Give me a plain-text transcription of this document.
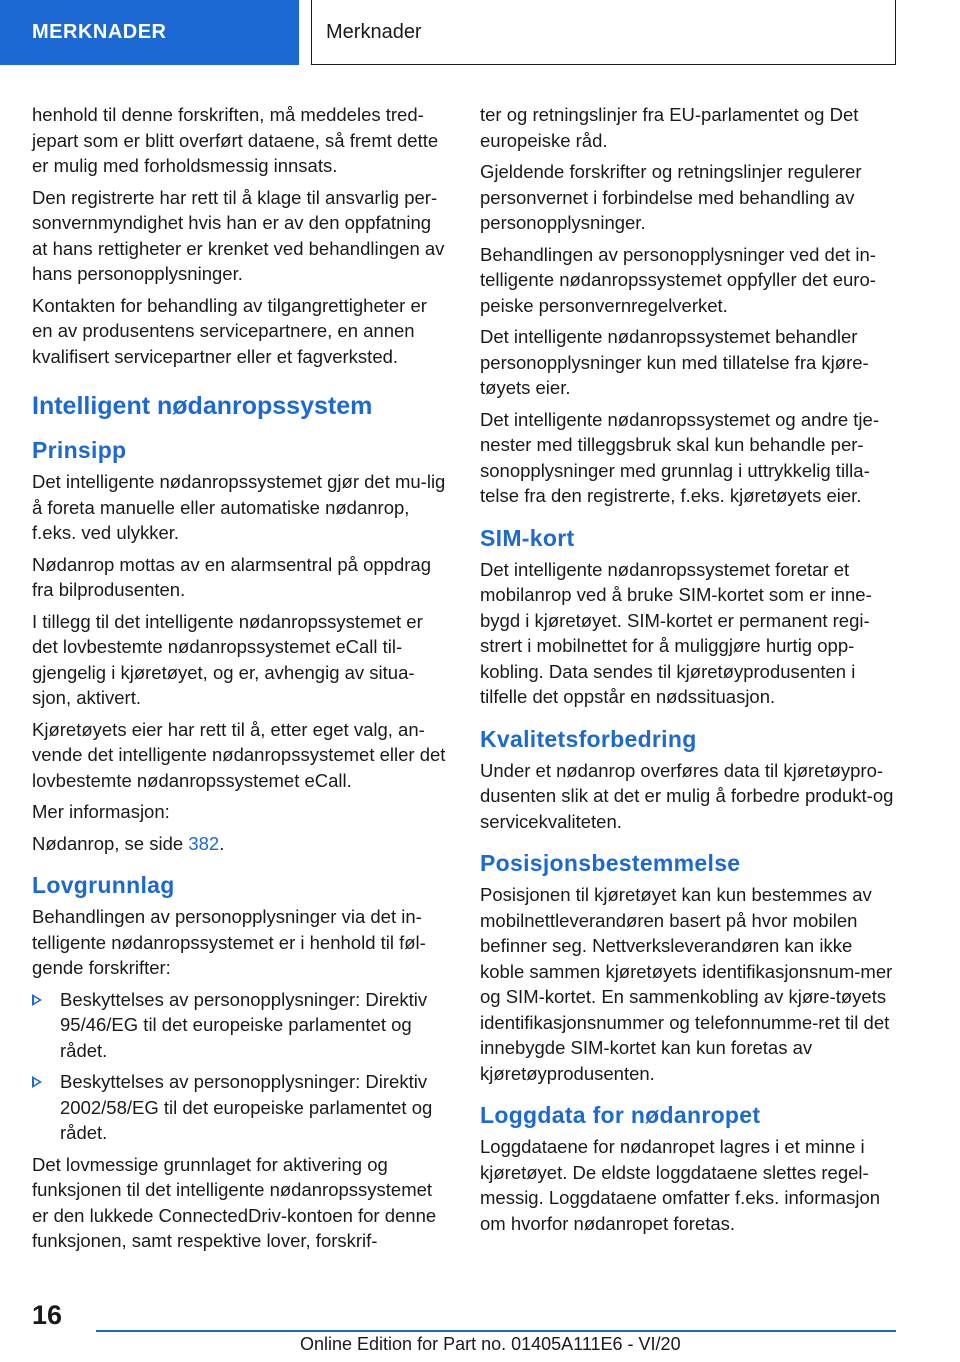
MERKNADER	Merknader

henhold til denne forskriften, må meddeles tred-jepart som er blitt overført dataene, så fremt dette er mulig med forholdsmessig innsats.

Den registrerte har rett til å klage til ansvarlig per-sonvernmyndighet hvis han er av den oppfatning at hans rettigheter er krenket ved behandlingen av hans personopplysninger.

Kontakten for behandling av tilgangrettigheter er en av produsentens servicepartnere, en annen kvalifisert servicepartner eller et fagverksted.

Intelligent nødanropssystem
Prinsipp

Det intelligente nødanropssystemet gjør det mu-lig å foreta manuelle eller automatiske nødanrop, f.eks. ved ulykker.

Nødanrop mottas av en alarmsentral på oppdrag fra bilprodusenten.

I tillegg til det intelligente nødanropssystemet er det lovbestemte nødanropssystemet eCall til-gjengelig i kjøretøyet, og er, avhengig av situa-sjon, aktivert.

Kjøretøyets eier har rett til å, etter eget valg, an-vende det intelligente nødanropssystemet eller det lovbestemte nødanropssystemet eCall.

Mer informasjon:

Nødanrop, se side 382.

Lovgrunnlag

Behandlingen av personopplysninger via det in-telligente nødanropssystemet er i henhold til føl-gende forskrifter:

Beskyttelses av personopplysninger: Direktiv 95/46/EG til det europeiske parlamentet og rådet.
Beskyttelses av personopplysninger: Direktiv 2002/58/EG til det europeiske parlamentet og rådet.

Det lovmessige grunnlaget for aktivering og funksjonen til det intelligente nødanropssystemet er den lukkede ConnectedDriv-kontoen for denne funksjonen, samt respektive lover, forskrif-

ter og retningslinjer fra EU-parlamentet og Det europeiske råd.

Gjeldende forskrifter og retningslinjer regulerer personvernet i forbindelse med behandling av personopplysninger.

Behandlingen av personopplysninger ved det in-telligente nødanropssystemet oppfyller det euro-peiske personvernregelverket.

Det intelligente nødanropssystemet behandler personopplysninger kun med tillatelse fra kjøre-tøyets eier.

Det intelligente nødanropssystemet og andre tje-nester med tilleggsbruk skal kun behandle per-sonopplysninger med grunnlag i uttrykkelig tilla-telse fra den registrerte, f.eks. kjøretøyets eier.

SIM-kort

Det intelligente nødanropssystemet foretar et mobilanrop ved å bruke SIM-kortet som er inne-bygd i kjøretøyet. SIM-kortet er permanent regi-strert i mobilnettet for å muliggjøre hurtig opp-kobling. Data sendes til kjøretøyprodusenten i tilfelle det oppstår en nødssituasjon.

Kvalitetsforbedring

Under et nødanrop overføres data til kjøretøypro-dusenten slik at det er mulig å forbedre produkt-og servicekvaliteten.

Posisjonsbestemmelse

Posisjonen til kjøretøyet kan kun bestemmes av mobilnettleverandøren basert på hvor mobilen befinner seg. Nettverksleverandøren kan ikke koble sammen kjøretøyets identifikasjonsnum-mer og SIM-kortet. En sammenkobling av kjøre-tøyets identifikasjonsnummer og telefonnumme-ret til det innebygde SIM-kortet kan kun foretas av kjøretøyprodusenten.

Loggdata for nødanropet

Loggdataene for nødanropet lagres i et minne i kjøretøyet. De eldste loggdataene slettes regel-messig. Loggdataene omfatter f.eks. informasjon om hvorfor nødanropet foretas.

16
Online Edition for Part no. 01405A111E6 - VI/20
